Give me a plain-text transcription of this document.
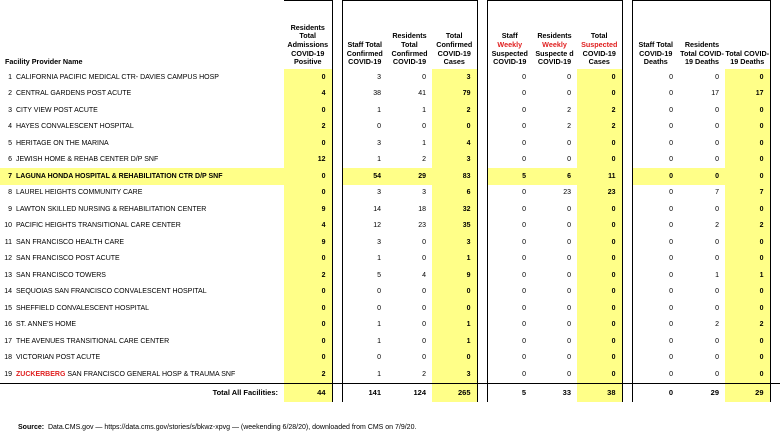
Facility Provider Name		Residents Total Admissions COVID-19 Positive		Staff Total Confirmed COVID-19	Residents Total Confirmed COVID-19	Total Confirmed COVID-19 Cases		Staff
Weekly
Suspected COVID-19	Residents
Weekly
Suspecte d COVID-19	Total
Suspected
COVID-19 Cases		Staff Total COVID-19 Deaths	Residents Total COVID-19 Deaths	Total COVID-19 Deaths	
1	CALIFORNIA PACIFIC MEDICAL CTR- DAVIES CAMPUS HOSP	0		3	0	3		0	0	0		0	0	0	
2	CENTRAL GARDENS POST ACUTE	4		38	41	79		0	0	0		0	17	17	
3	CITY VIEW POST ACUTE	0		1	1	2		0	2	2		0	0	0	
4	HAYES CONVALESCENT HOSPITAL	2		0	0	0		0	2	2		0	0	0	
5	HERITAGE ON THE MARINA	0		3	1	4		0	0	0		0	0	0	
6	JEWISH HOME & REHAB CENTER D/P SNF	12		1	2	3		0	0	0		0	0	0	
7	LAGUNA HONDA HOSPITAL & REHABILITATION CTR D/P SNF	0		54	29	83		5	6	11		0	0	0	
8	LAUREL HEIGHTS COMMUNITY CARE	0		3	3	6		0	23	23		0	7	7	
9	LAWTON SKILLED NURSING & REHABILITATION CENTER	9		14	18	32		0	0	0		0	0	0	
10	PACIFIC HEIGHTS TRANSITIONAL CARE CENTER	4		12	23	35		0	0	0		0	2	2	
11	SAN FRANCISCO HEALTH CARE	9		3	0	3		0	0	0		0	0	0	
12	SAN FRANCISCO POST ACUTE	0		1	0	1		0	0	0		0	0	0	
13	SAN FRANCISCO TOWERS	2		5	4	9		0	0	0		0	1	1	
14	SEQUOIAS SAN FRANCISCO CONVALESCENT HOSPITAL	0		0	0	0		0	0	0		0	0	0	
15	SHEFFIELD CONVALESCENT HOSPITAL	0		0	0	0		0	0	0		0	0	0	
16	ST. ANNE'S HOME	0		1	0	1		0	0	0		0	2	2	
17	THE AVENUES TRANSITIONAL CARE CENTER	0		1	0	1		0	0	0		0	0	0	
18	VICTORIAN POST ACUTE	0		0	0	0		0	0	0		0	0	0	
19	ZUCKERBERG SAN FRANCISCO GENERAL HOSP & TRAUMA SNF	2		1	2	3		0	0	0		0	0	0	
Total All Facilities:		44		141	124	265		5	33	38		0	29	29	
Source: Data.CMS.gov — https://data.cms.gov/stories/s/bkwz-xpvg — (weekending 6/28/20), downloaded from CMS on 7/9/20.
